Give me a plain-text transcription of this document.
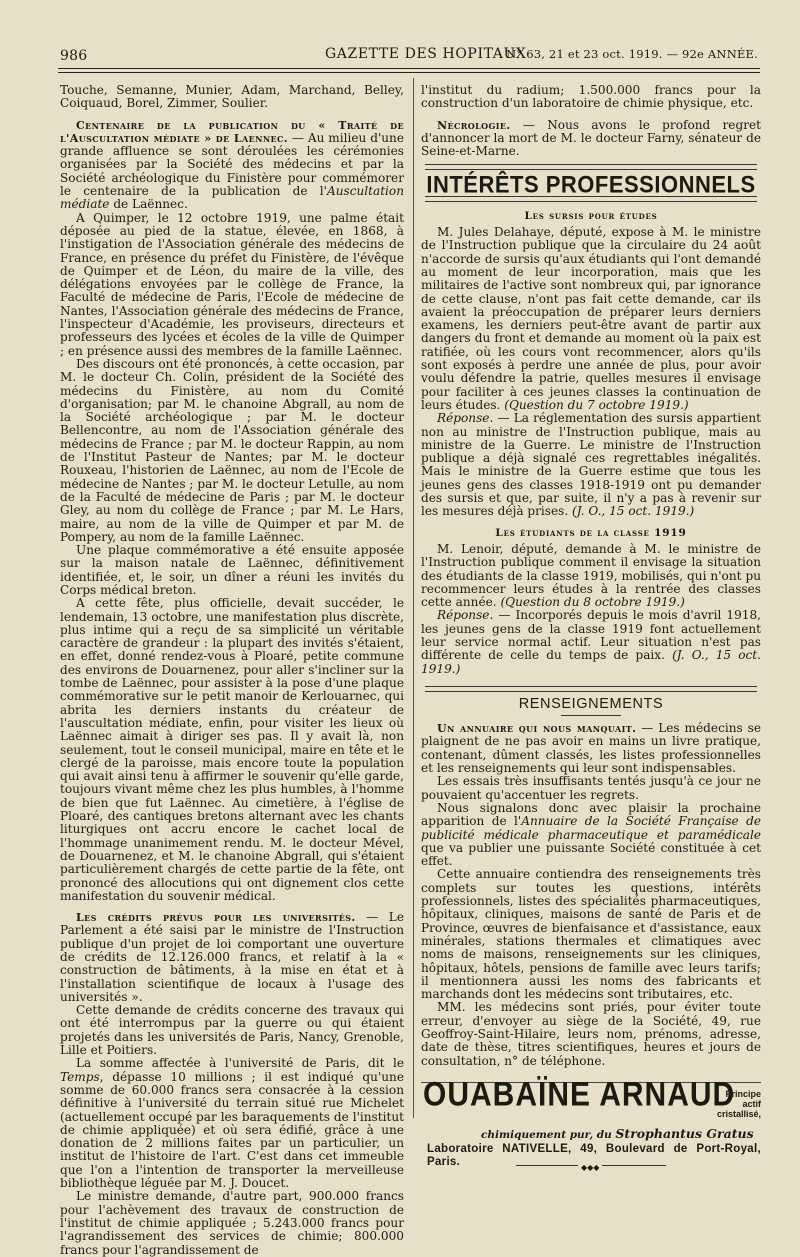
986	GAZETTE DES HOPITAUX
N° 63, 21 et 23 oct. 1919. — 92e ANNÉE.

Touche, Semanne, Munier, Adam, Marchand, Belley, Coiquaud, Borel, Zimmer, Soulier.

Centenaire de la publication du « Traité de l'Auscultation médiate » de Laennec. — Au milieu d'une grande affluence se sont déroulées les cérémonies organisées par la Société des médecins et par la Société archéologique du Finistère pour commémorer le centenaire de la publication de l'Auscultation médiate de Laënnec.

A Quimper, le 12 octobre 1919, une palme était déposée au pied de la statue, élevée, en 1868, à l'instigation de l'Association générale des médecins de France, en présence du préfet du Finistère, de l'évêque de Quimper et de Léon, du maire de la ville, des délégations envoyées par le collège de France, la Faculté de médecine de Paris, l'Ecole de médecine de Nantes, l'Association générale des médecins de France, l'inspecteur d'Académie, les proviseurs, directeurs et professeurs des lycées et écoles de la ville de Quimper ; en présence aussi des membres de la famille Laënnec.

Des discours ont été prononcés, à cette occasion, par M. le docteur Ch. Colin, président de la Société des médecins du Finistère, au nom du Comité d'organisation; par M. le chanoine Abgrall, au nom de la Société archéologique ; par M. le docteur Bellencontre, au nom de l'Association générale des médecins de France ; par M. le docteur Rappin, au nom de l'Institut Pasteur de Nantes; par M. le docteur Rouxeau, l'historien de Laënnec, au nom de l'Ecole de médecine de Nantes ; par M. le docteur Letulle, au nom de la Faculté de médecine de Paris ; par M. le docteur Gley, au nom du collège de France ; par M. Le Hars, maire, au nom de la ville de Quimper et par M. de Pompery, au nom de la famille Laënnec.

Une plaque commémorative a été ensuite apposée sur la maison natale de Laënnec, définitivement identifiée, et, le soir, un dîner a réuni les invités du Corps médical breton.

A cette fête, plus officielle, devait succéder, le lendemain, 13 octobre, une manifestation plus discrète, plus intime qui a reçu de sa simplicité un véritable caractère de grandeur : la plupart des invités s'étaient, en effet, donné rendez-vous à Ploaré, petite commune des environs de Douarnenez, pour aller s'incliner sur la tombe de Laënnec, pour assister à la pose d'une plaque commémorative sur le petit manoir de Kerlouarnec, qui abrita les derniers instants du créateur de l'auscultation médiate, enfin, pour visiter les lieux où Laënnec aimait à diriger ses pas. Il y avait là, non seulement, tout le conseil municipal, maire en tête et le clergé de la paroisse, mais encore toute la population qui avait ainsi tenu à affirmer le souvenir qu'elle garde, toujours vivant même chez les plus humbles, à l'homme de bien que fut Laënnec. Au cimetière, à l'église de Ploaré, des cantiques bretons alternant avec les chants liturgiques ont accru encore le cachet local de l'hommage unanimement rendu. M. le docteur Mével, de Douarnenez, et M. le chanoine Abgrall, qui s'étaient particulièrement chargés de cette partie de la fête, ont prononcé des allocutions qui ont dignement clos cette manifestation du souvenir médical.

Les crédits prévus pour les universités. — Le Parlement a été saisi par le ministre de l'Instruction publique d'un projet de loi comportant une ouverture de crédits de 12.126.000 francs, et relatif à la « construction de bâtiments, à la mise en état et à l'installation scientifique de locaux à l'usage des universités ».

Cette demande de crédits concerne des travaux qui ont été interrompus par la guerre ou qui étaient projetés dans les universités de Paris, Nancy, Grenoble, Lille et Poitiers.

La somme affectée à l'université de Paris, dit le Temps, dépasse 10 millions ; il est indiqué qu'une somme de 60.000 francs sera consacrée à la cession définitive à l'université du terrain situé rue Michelet (actuellement occupé par les baraquements de l'institut de chimie appliquée) et où sera édifié, grâce à une donation de 2 millions faites par un particulier, un institut de l'histoire de l'art. C'est dans cet immeuble que l'on a l'intention de transporter la merveilleuse bibliothèque léguée par M. J. Doucet.

Le ministre demande, d'autre part, 900.000 francs pour l'achèvement des travaux de construction de l'institut de chimie appliquée ; 5.243.000 francs pour l'agrandissement des services de chimie; 800.000 francs pour l'agrandissement de

l'institut du radium; 1.500.000 francs pour la construction d'un laboratoire de chimie physique, etc.

Nécrologie. — Nous avons le profond regret d'annoncer la mort de M. le docteur Farny, sénateur de Seine-et-Marne.

INTÉRÊTS PROFESSIONNELS
Les sursis pour études

M. Jules Delahaye, député, expose à M. le ministre de l'Instruction publique que la circulaire du 24 août n'accorde de sursis qu'aux étudiants qui l'ont demandé au moment de leur incorporation, mais que les militaires de l'active sont nombreux qui, par ignorance de cette clause, n'ont pas fait cette demande, car ils avaient la préoccupation de préparer leurs derniers examens, les derniers peut-être avant de partir aux dangers du front et demande au moment où la paix est ratifiée, où les cours vont recommencer, alors qu'ils sont exposés à perdre une année de plus, pour avoir voulu défendre la patrie, quelles mesures il envisage pour faciliter à ces jeunes classes la continuation de leurs études. (Question du 7 octobre 1919.)

Réponse. — La réglementation des sursis appartient non au ministre de l'Instruction publique, mais au ministre de la Guerre. Le ministre de l'Instruction publique a déjà signalé ces regrettables inégalités. Mais le ministre de la Guerre estime que tous les jeunes gens des classes 1918-1919 ont pu demander des sursis et que, par suite, il n'y a pas à revenir sur les mesures déjà prises. (J. O., 15 oct. 1919.)

Les étudiants de la classe 1919

M. Lenoir, député, demande à M. le ministre de l'Instruction publique comment il envisage la situation des étudiants de la classe 1919, mobilisés, qui n'ont pu recommencer leurs études à la rentrée des classes cette année. (Question du 8 octobre 1919.)

Réponse. — Incorporés depuis le mois d'avril 1918, les jeunes gens de la classe 1919 font actuellement leur service normal actif. Leur situation n'est pas différente de celle du temps de paix. (J. O., 15 oct. 1919.)

RENSEIGNEMENTS

Un annuaire qui nous manquait. — Les médecins se plaignent de ne pas avoir en mains un livre pratique, contenant, dûment classés, les listes professionnelles et les renseignements qui leur sont indispensables.

Les essais très insuffisants tentés jusqu'à ce jour ne pouvaient qu'accentuer les regrets.

Nous signalons donc avec plaisir la prochaine apparition de l'Annuaire de la Société Française de publicité médicale pharmaceutique et paramédicale que va publier une puissante Société constituée à cet effet.

Cette annuaire contiendra des renseignements très complets sur toutes les questions, intérêts professionnels, listes des spécialités pharmaceutiques, hôpitaux, cliniques, maisons de santé de Paris et de Province, œuvres de bienfaisance et d'assistance, eaux minérales, stations thermales et climatiques avec noms de maisons, renseignements sur les cliniques, hôpitaux, hôtels, pensions de famille avec leurs tarifs; il mentionnera aussi les noms des fabricants et marchands dont les médecins sont tributaires, etc.

MM. les médecins sont priés, pour éviter toute erreur, d'envoyer au siège de la Société, 49, rue Geoffroy-Saint-Hilaire, leurs nom, prénoms, adresse, date de thèse, titres scientifiques, heures et jours de consultation, n° de téléphone.

OUABAÏNE ARNAUD
Principe actif cristallisé,
chimiquement pur, du Strophantus Gratus
Laboratoire NATIVELLE, 49, Boulevard de Port-Royal, Paris.	◆◆◆
